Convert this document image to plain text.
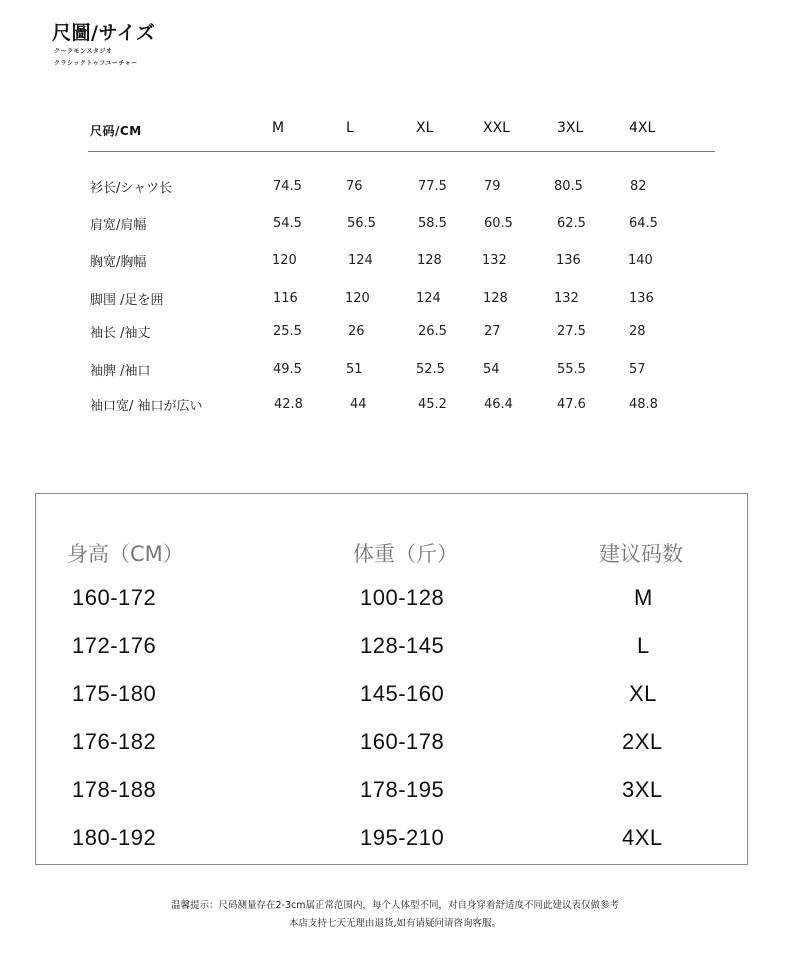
尺圖/サイズ
クーラモンスタジオ
クラシックトゥフユーチャー
尺码/CM	M	L	XL	XXL	3XL	4XL
衫长/シャツ长	74.5	76	77.5	79	80.5	82
肩宽/肩幅	54.5	56.5	58.5	60.5	62.5	64.5
胸宽/胸幅	120	124	128	132	136	140
脚围 /足を囲	116	120	124	128	132	136
袖长 /袖丈	25.5	26	26.5	27	27.5	28
袖脾 /袖口	49.5	51	52.5	54	55.5	57
袖口宽/ 袖口が広い	42.8	44	45.2	46.4	47.6	48.8
身高（CM）	体重（斤）	建议码数
160-172	100-128	M
172-176	128-145	L
175-180	145-160	XL
176-182	160-178	2XL
178-188	178-195	3XL
180-192	195-210	4XL
温馨提示：尺码测量存在2-3cm属正常范围内，每个人体型不同，对自身穿着舒适度不同此建议表仅做参考
本店支持七天无理由退货,如有请疑问请咨询客服。
